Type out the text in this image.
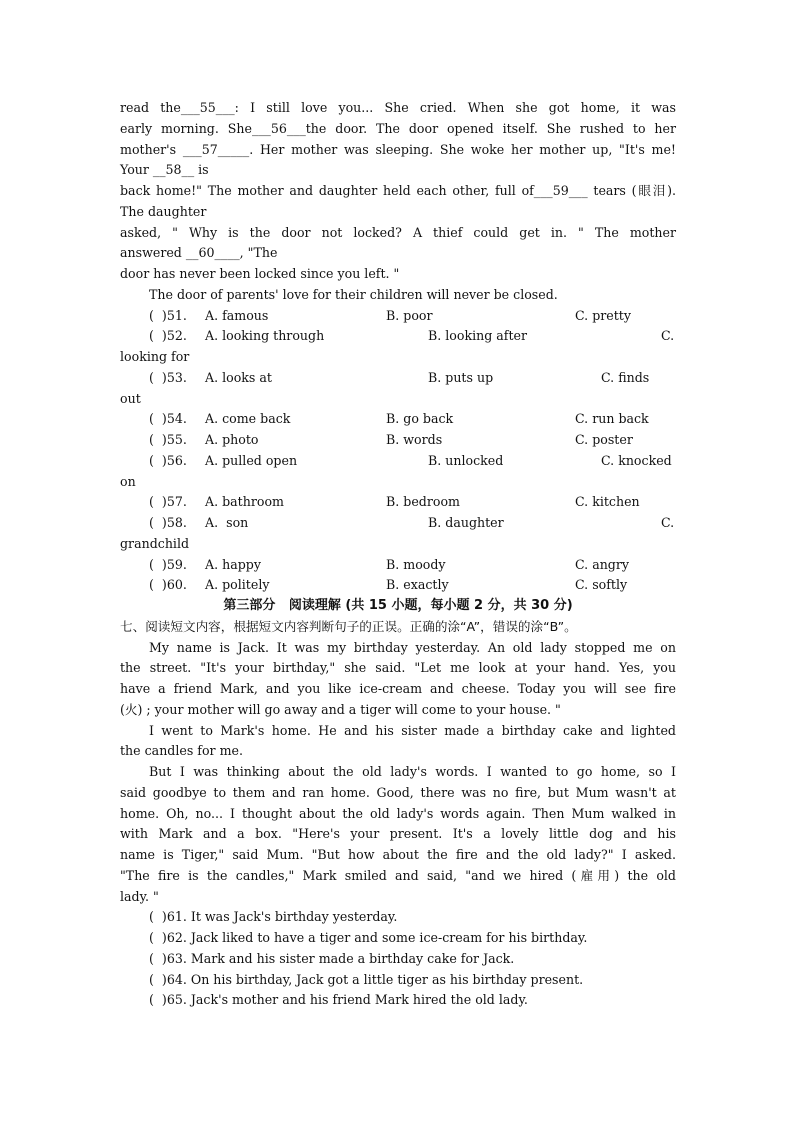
read the___55___: I still love you... She cried. When she got home, it was
early morning. She___56___the door. The door opened itself. She rushed to her
mother's ___57_____. Her mother was sleeping. She woke her mother up, "It's me!
Your __58__ is
back home!" The mother and daughter held each other, full of___59___ tears (眼泪).
The daughter
asked, " Why is the door not locked? A thief could get in. " The mother
answered __60____, "The
door has never been locked since you left. "
The door of parents' love for their children will never be closed.
(  )51. A. famous	B. poor	C. pretty
(  )52. A. looking through	B. looking after	C.
looking for
(  )53. A. looks at	B. puts up	C. finds
out
(  )54. A. come back	B. go back	C. run back
(  )55. A. photo	B. words	C. poster
(  )56. A. pulled open	B. unlocked	C. knocked
on
(  )57. A. bathroom	B. bedroom	C. kitchen
(  )58. A.  son	B. daughter	C.
grandchild
(  )59. A. happy	B. moody	C. angry
(  )60. A. politely	B. exactly	C. softly
第三部分   阅读理解 (共 15 小题，每小题 2 分，共 30 分)
七、阅读短文内容，根据短文内容判断句子的正误。正确的涂“A”，错误的涂“B”。
My name is Jack. It was my birthday yesterday. An old lady stopped me on
the street. "It's your birthday," she said. "Let me look at your hand. Yes, you
have a friend Mark, and you like ice-cream and cheese. Today you will see fire
(火) ; your mother will go away and a tiger will come to your house. "
I went to Mark's home. He and his sister made a birthday cake and lighted
the candles for me.
But I was thinking about the old lady's words. I wanted to go home, so I
said goodbye to them and ran home. Good, there was no fire, but Mum wasn't at
home. Oh, no... I thought about the old lady's words again. Then Mum walked in
with Mark and a box. "Here's your present. It's a lovely little dog and his
name is Tiger," said Mum. "But how about the fire and the old lady?" I asked.
"The fire is the candles," Mark smiled and said, "and we hired (雇用) the old
lady. "
(  )61. It was Jack's birthday yesterday.
(  )62. Jack liked to have a tiger and some ice-cream for his birthday.
(  )63. Mark and his sister made a birthday cake for Jack.
(  )64. On his birthday, Jack got a little tiger as his birthday present.
(  )65. Jack's mother and his friend Mark hired the old lady.
